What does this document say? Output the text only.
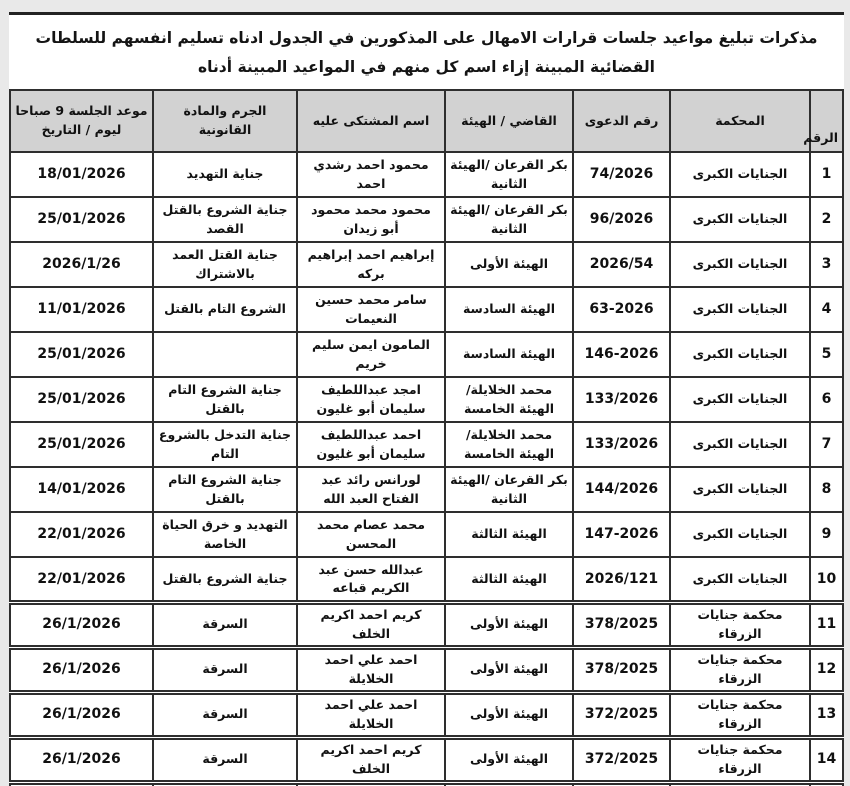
مذكرات تبليغ مواعيد جلسات قرارات الامهال على المذكورين في الجدول ادناه تسليم انفسهم للسلطات القضائية المبينة إزاء اسم كل منهم في المواعيد المبينة أدناه
الرقم	المحكمة	رقم الدعوى	القاضي / الهيئة	اسم المشتكى عليه	الجرم والمادة القانونية	موعد الجلسة 9 صباحا ليوم / التاريخ
1	الجنايات الكبرى	74/2026	بكر القرعان /الهيئة الثانية	محمود احمد رشدي احمد	جناية التهديد	18/01/2026
2	الجنايات الكبرى	96/2026	بكر القرعان /الهيئة الثانية	محمود محمد محمود أبو زيدان	جناية الشروع بالقتل القصد	25/01/2026
3	الجنايات الكبرى	2026/54	الهيئة الأولى	إبراهيم احمد إبراهيم بركه	جناية القتل العمد بالاشتراك	2026/1/26
4	الجنايات الكبرى	63-2026	الهيئة السادسة	سامر محمد حسين النعيمات	الشروع التام بالقتل	11/01/2026
5	الجنايات الكبرى	146-2026	الهيئة السادسة	المامون ايمن سليم خريم		25/01/2026
6	الجنايات الكبرى	133/2026	محمد الخلايلة/الهيئة الخامسة	امجد عبداللطيف سليمان أبو غليون	جناية الشروع التام بالقتل	25/01/2026
7	الجنايات الكبرى	133/2026	محمد الخلايلة/الهيئة الخامسة	احمد عبداللطيف سليمان أبو غليون	جناية التدخل بالشروع التام	25/01/2026
8	الجنايات الكبرى	144/2026	بكر القرعان /الهيئة الثانية	لورانس رائد عبد الفتاح العبد الله	جناية الشروع التام بالقتل	14/01/2026
9	الجنايات الكبرى	147-2026	الهيئة الثالثة	محمد عصام محمد المحسن	التهديد و خرق الحياة الخاصة	22/01/2026
10	الجنايات الكبرى	2026/121	الهيئة الثالثة	عبدالله حسن عبد الكريم قباعه	جناية الشروع بالقتل	22/01/2026
11	محكمة جنايات الزرقاء	378/2025	الهيئة الأولى	كريم احمد اكريم الخلف	السرقة	26/1/2026
12	محكمة جنايات الزرقاء	378/2025	الهيئة الأولى	احمد علي احمد الخلايلة	السرقة	26/1/2026
13	محكمة جنايات الزرقاء	372/2025	الهيئة الأولى	احمد علي احمد الخلايلة	السرقة	26/1/2026
14	محكمة جنايات الزرقاء	372/2025	الهيئة الأولى	كريم احمد اكريم الخلف	السرقة	26/1/2026
